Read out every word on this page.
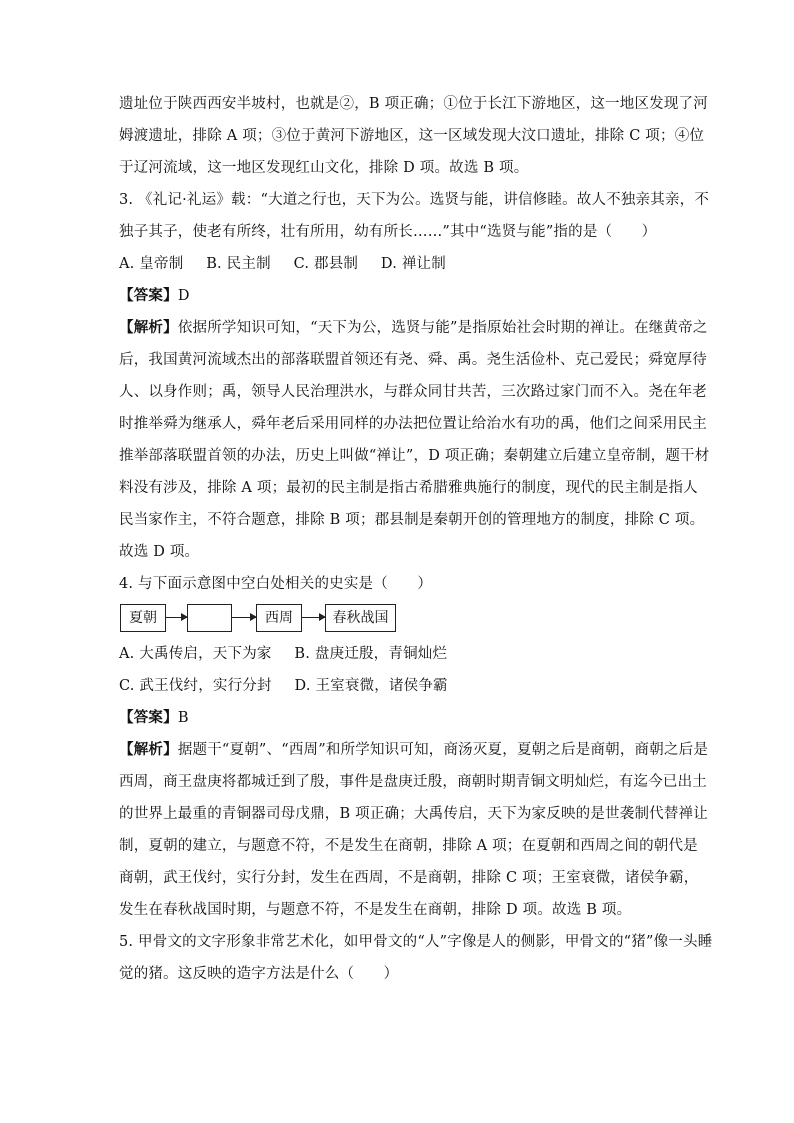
遗址位于陕西西安半坡村，也就是②，B 项正确；①位于长江下游地区，这一地区发现了河
姆渡遗址，排除 A 项；③位于黄河下游地区，这一区域发现大汶口遗址，排除 C 项；④位
于辽河流域，这一地区发现红山文化，排除 D 项。故选 B 项。
3. 《礼记·礼运》载：“大道之行也，天下为公。选贤与能，讲信修睦。故人不独亲其亲，不
独子其子，使老有所终，壮有所用，幼有所长……”其中“选贤与能”指的是（　　）
A. 皇帝制 B. 民主制 C. 郡县制 D. 禅让制
【答案】D
【解析】依据所学知识可知，“天下为公，选贤与能”是指原始社会时期的禅让。在继黄帝之
后，我国黄河流域杰出的部落联盟首领还有尧、舜、禹。尧生活俭朴、克己爱民；舜宽厚待
人、以身作则；禹，领导人民治理洪水，与群众同甘共苦，三次路过家门而不入。尧在年老
时推举舜为继承人，舜年老后采用同样的办法把位置让给治水有功的禹，他们之间采用民主
推举部落联盟首领的办法，历史上叫做“禅让”，D 项正确；秦朝建立后建立皇帝制，题干材
料没有涉及，排除 A 项；最初的民主制是指古希腊雅典施行的制度，现代的民主制是指人
民当家作主，不符合题意，排除 B 项；郡县制是秦朝开创的管理地方的制度，排除 C 项。
故选 D 项。
4. 与下面示意图中空白处相关的史实是（　　）
夏朝	西周	春秋战国
A. 大禹传启，天下为家 B. 盘庚迁殷，青铜灿烂
C. 武王伐纣，实行分封 D. 王室衰微，诸侯争霸
【答案】B
【解析】据题干“夏朝”、“西周”和所学知识可知，商汤灭夏，夏朝之后是商朝，商朝之后是
西周，商王盘庚将都城迁到了殷，事件是盘庚迁殷，商朝时期青铜文明灿烂，有迄今已出土
的世界上最重的青铜器司母戊鼎，B 项正确；大禹传启，天下为家反映的是世袭制代替禅让
制，夏朝的建立，与题意不符，不是发生在商朝，排除 A 项；在夏朝和西周之间的朝代是
商朝，武王伐纣，实行分封，发生在西周，不是商朝，排除 C 项；王室衰微，诸侯争霸，
发生在春秋战国时期，与题意不符，不是发生在商朝，排除 D 项。故选 B 项。
5. 甲骨文的文字形象非常艺术化，如甲骨文的“人”字像是人的侧影，甲骨文的“猪”像一头睡
觉的猪。这反映的造字方法是什么（　　）
